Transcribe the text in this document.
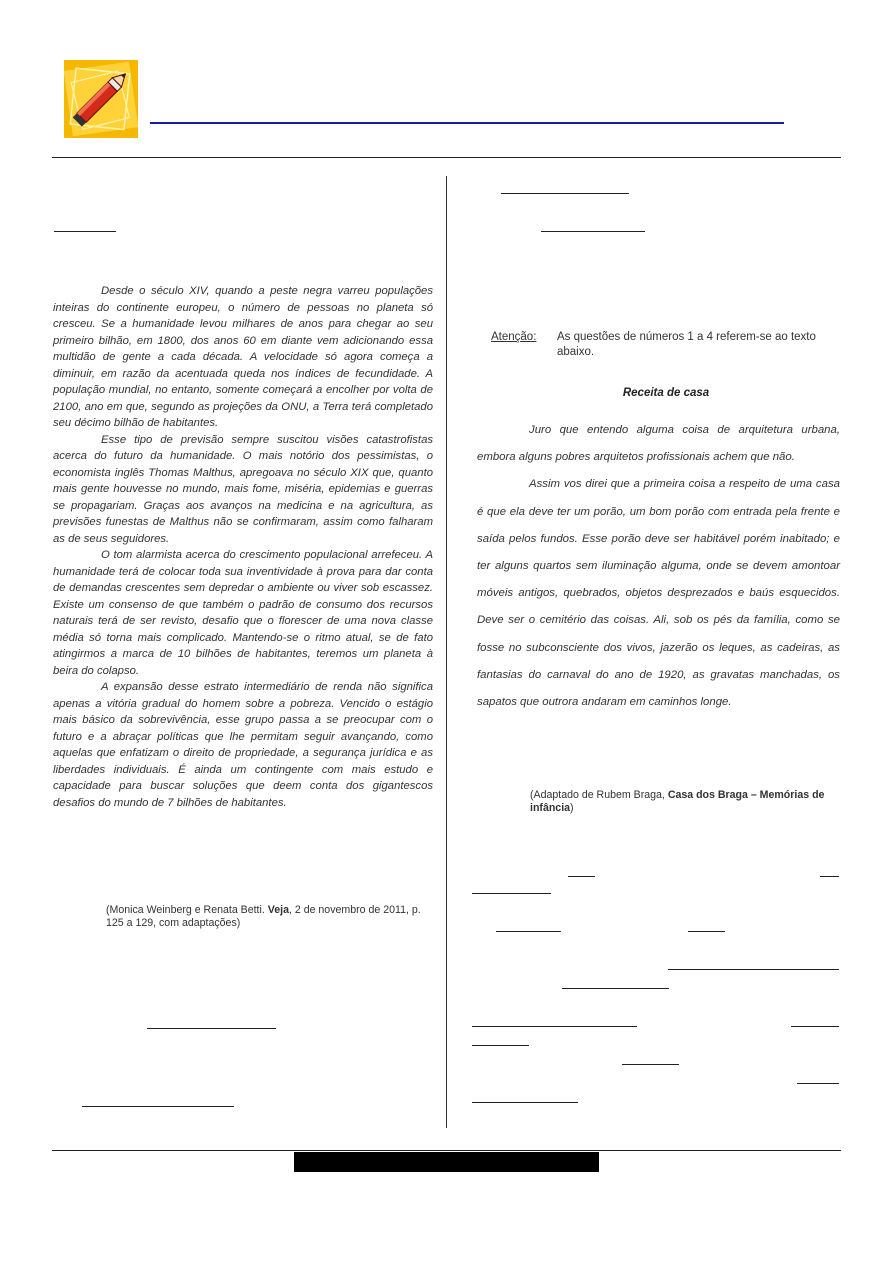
Desde o século XIV, quando a peste negra varreu populações inteiras do continente europeu, o número de pessoas no planeta só cresceu. Se a humanidade levou milhares de anos para chegar ao seu primeiro bilhão, em 1800, dos anos 60 em diante vem adicionando essa multidão de gente a cada década. A velocidade só agora começa a diminuir, em razão da acentuada queda nos índices de fecundidade. A população mundial, no entanto, somente começará a encolher por volta de 2100, ano em que, segundo as projeções da ONU, a Terra terá completado seu décimo bilhão de habitantes.

Esse tipo de previsão sempre suscitou visões catastrofistas acerca do futuro da humanidade. O mais notório dos pessimistas, o economista inglês Thomas Malthus, apregoava no século XIX que, quanto mais gente houvesse no mundo, mais fome, miséria, epidemias e guerras se propagariam. Graças aos avanços na medicina e na agricultura, as previsões funestas de Malthus não se confirmaram, assim como falharam as de seus seguidores.

O tom alarmista acerca do crescimento populacional arrefeceu. A humanidade terá de colocar toda sua inventividade à prova para dar conta de demandas crescentes sem depredar o ambiente ou viver sob escassez. Existe um consenso de que também o padrão de consumo dos recursos naturais terá de ser revisto, desafio que o florescer de uma nova classe média só torna mais complicado. Mantendo-se o ritmo atual, se de fato atingirmos a marca de 10 bilhões de habitantes, teremos um planeta à beira do colapso.

A expansão desse estrato intermediário de renda não significa apenas a vitória gradual do homem sobre a pobreza. Vencido o estágio mais básico da sobrevivência, esse grupo passa a se preocupar com o futuro e a abraçar políticas que lhe permitam seguir avançando, como aquelas que enfatizam o direito de propriedade, a segurança jurídica e as liberdades individuais. É ainda um contingente com mais estudo e capacidade para buscar soluções que deem conta dos gigantescos desafios do mundo de 7 bilhões de habitantes.

(Monica Weinberg e Renata Betti. Veja, 2 de novembro de 2011, p. 125 a 129, com adaptações)
Atenção: As questões de números 1 a 4 referem-se ao texto abaixo.
Receita de casa

Juro que entendo alguma coisa de arquitetura urbana, embora alguns pobres arquitetos profissionais achem que não.

Assim vos direi que a primeira coisa a respeito de uma casa é que ela deve ter um porão, um bom porão com entrada pela frente e saída pelos fundos. Esse porão deve ser habitável porém inabitado; e ter alguns quartos sem iluminação alguma, onde se devem amontoar móveis antigos, quebrados, objetos desprezados e baús esquecidos. Deve ser o cemitério das coisas. Ali, sob os pés da família, como se fosse no subconsciente dos vivos, jazerão os leques, as cadeiras, as fantasias do carnaval do ano de 1920, as gravatas manchadas, os sapatos que outrora andaram em caminhos longe.

(Adaptado de Rubem Braga, Casa dos Braga – Memórias de infância)
